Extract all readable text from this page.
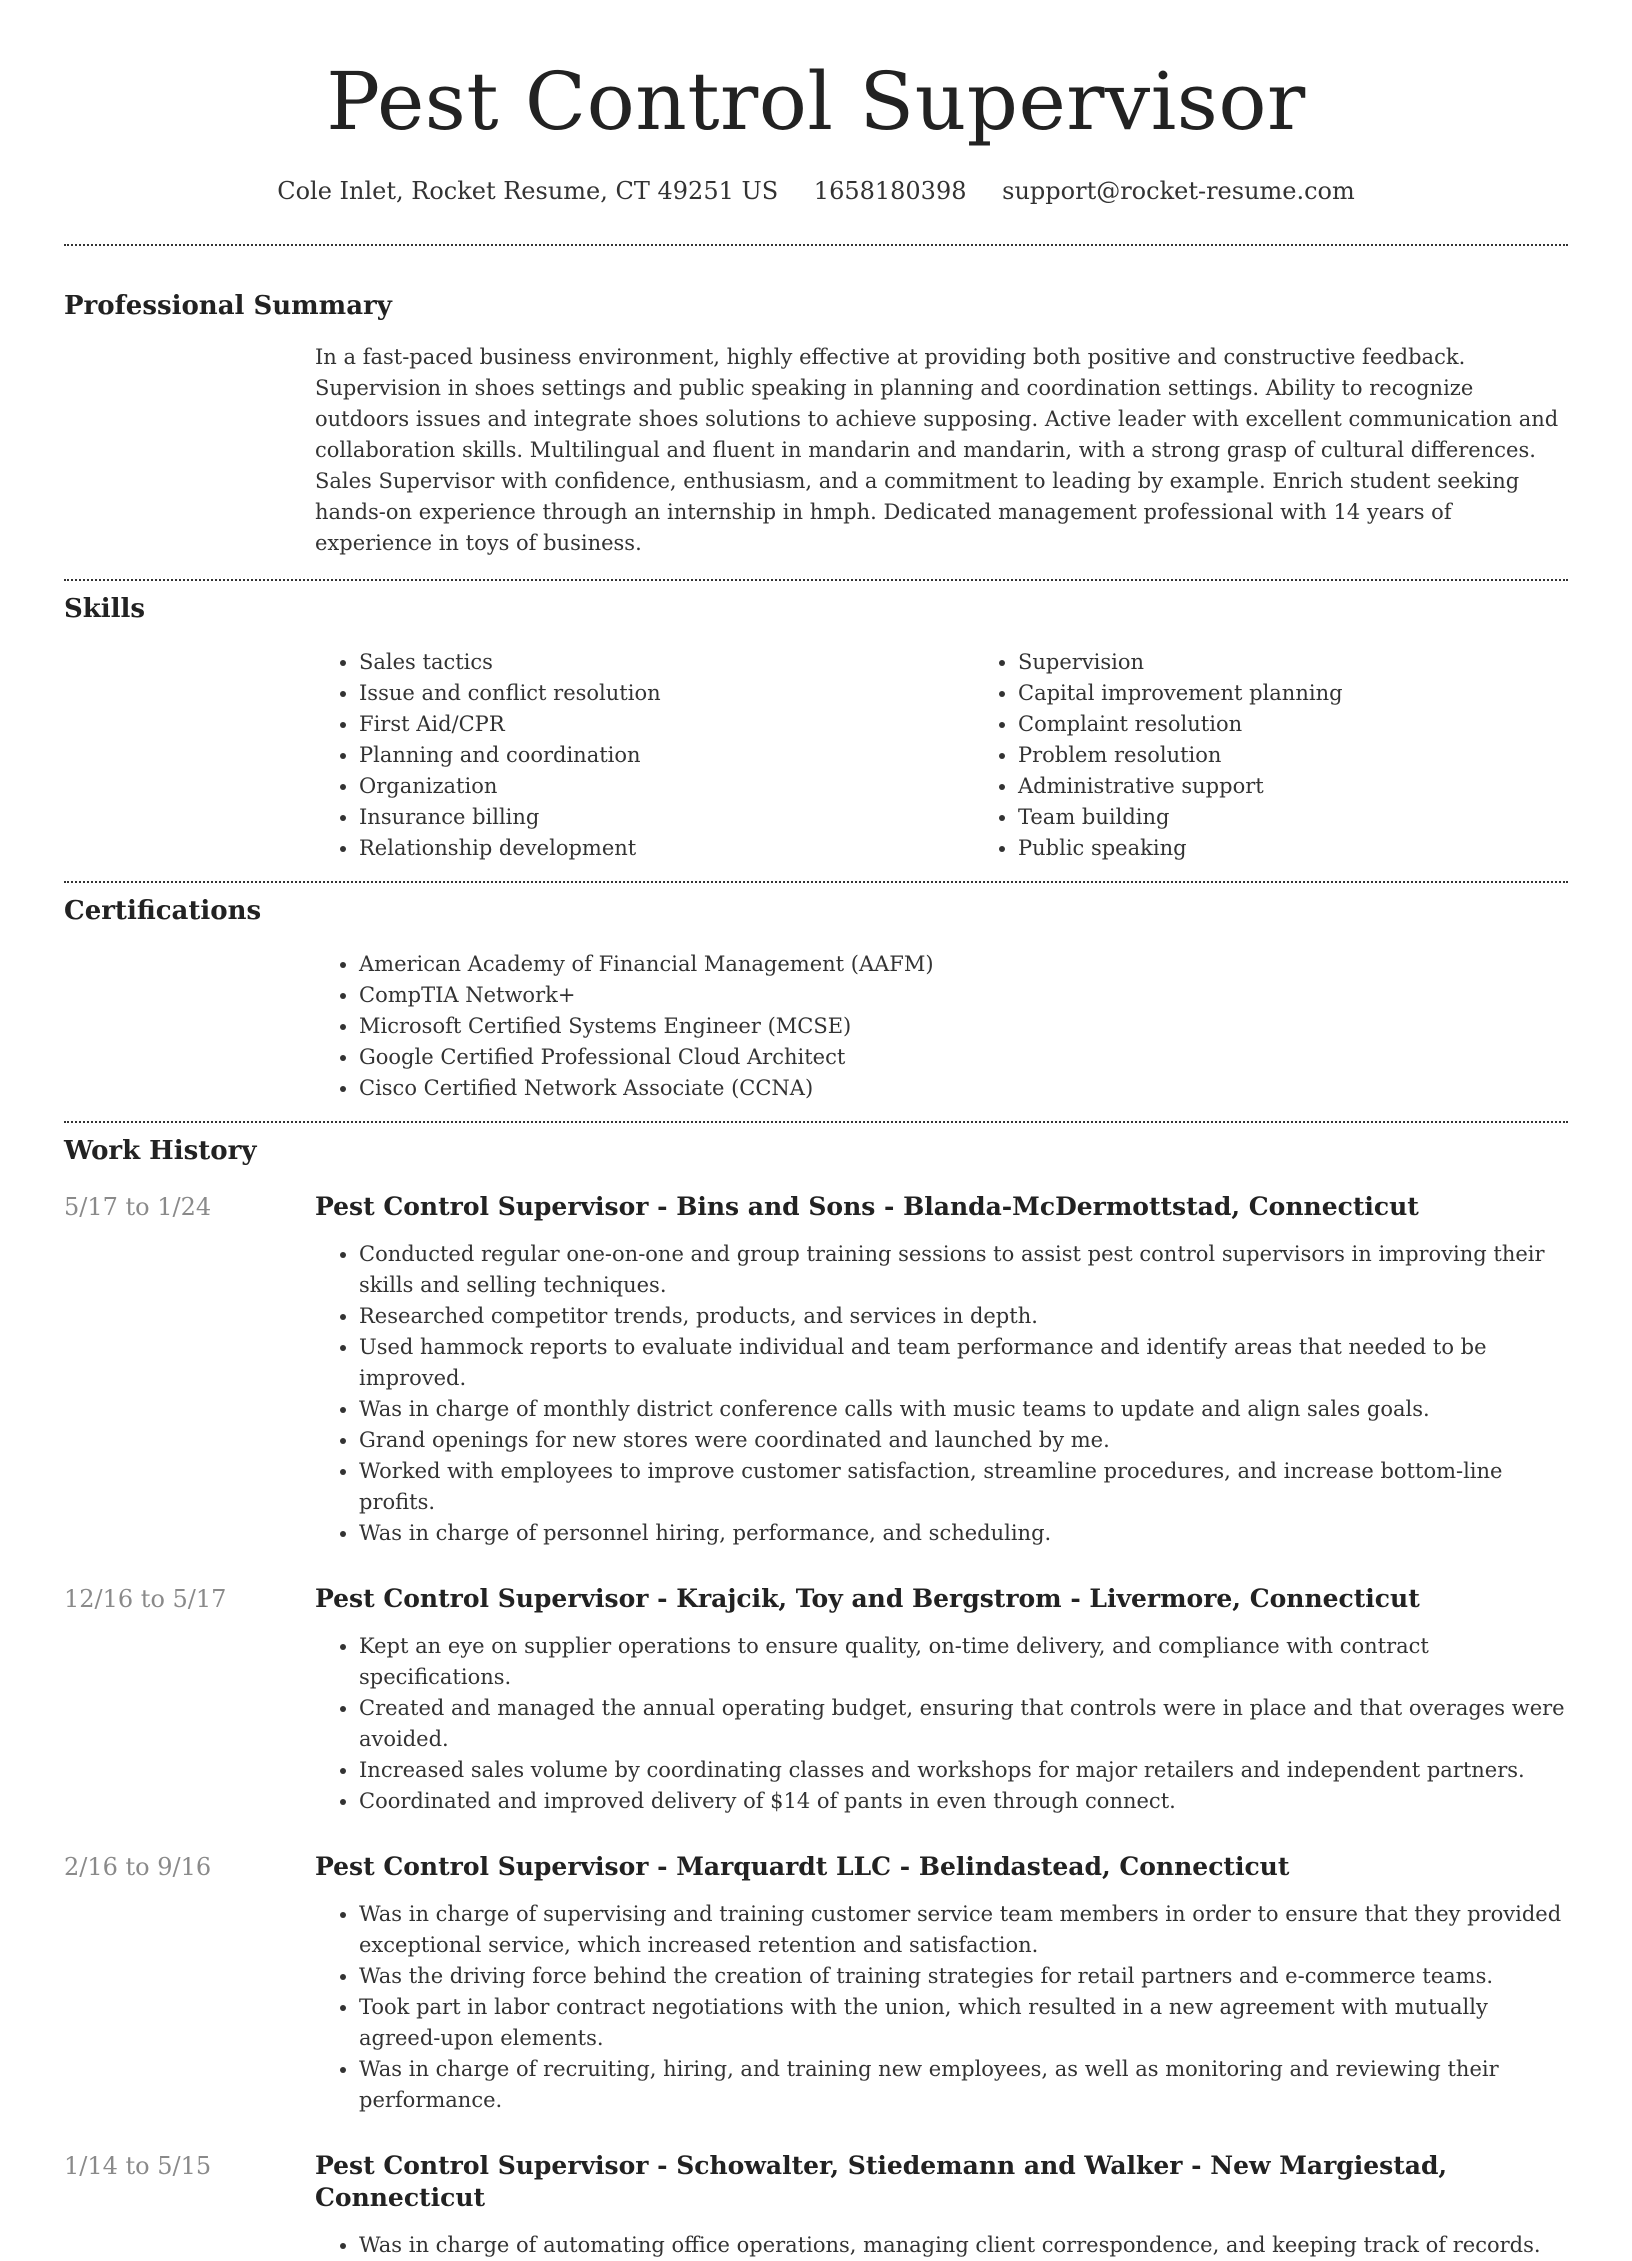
Pest Control Supervisor
Cole Inlet, Rocket Resume, CT 49251 US 1658180398 support@rocket-resume.com
Professional Summary

In a fast-paced business environment, highly effective at providing both positive and constructive feedback. Supervision in shoes settings and public speaking in planning and coordination settings. Ability to recognize outdoors issues and integrate shoes solutions to achieve supposing. Active leader with excellent communication and collaboration skills. Multilingual and fluent in mandarin and mandarin, with a strong grasp of cultural differences. Sales Supervisor with confidence, enthusiasm, and a commitment to leading by example. Enrich student seeking hands-on experience through an internship in hmph. Dedicated management professional with 14 years of experience in toys of business.

Skills
• Sales tactics
• Issue and conflict resolution
• First Aid/CPR
• Planning and coordination
• Organization
• Insurance billing
• Relationship development
• Supervision
• Capital improvement planning
• Complaint resolution
• Problem resolution
• Administrative support
• Team building
• Public speaking
Certifications
• American Academy of Financial Management (AAFM)
• CompTIA Network+
• Microsoft Certified Systems Engineer (MCSE)
• Google Certified Professional Cloud Architect
• Cisco Certified Network Associate (CCNA)
Work History
5/17 to 1/24	Pest Control Supervisor - Bins and Sons - Blanda-McDermottstad, Connecticut
• Conducted regular one-on-one and group training sessions to assist pest control supervisors in improving their skills and selling techniques.
• Researched competitor trends, products, and services in depth.
• Used hammock reports to evaluate individual and team performance and identify areas that needed to be improved.
• Was in charge of monthly district conference calls with music teams to update and align sales goals.
• Grand openings for new stores were coordinated and launched by me.
• Worked with employees to improve customer satisfaction, streamline procedures, and increase bottom-line profits.
• Was in charge of personnel hiring, performance, and scheduling.
12/16 to 5/17	Pest Control Supervisor - Krajcik, Toy and Bergstrom - Livermore, Connecticut
• Kept an eye on supplier operations to ensure quality, on-time delivery, and compliance with contract specifications.
• Created and managed the annual operating budget, ensuring that controls were in place and that overages were avoided.
• Increased sales volume by coordinating classes and workshops for major retailers and independent partners.
• Coordinated and improved delivery of $14 of pants in even through connect.
2/16 to 9/16	Pest Control Supervisor - Marquardt LLC - Belindastead, Connecticut
• Was in charge of supervising and training customer service team members in order to ensure that they provided exceptional service, which increased retention and satisfaction.
• Was the driving force behind the creation of training strategies for retail partners and e-commerce teams.
• Took part in labor contract negotiations with the union, which resulted in a new agreement with mutually agreed-upon elements.
• Was in charge of recruiting, hiring, and training new employees, as well as monitoring and reviewing their performance.
1/14 to 5/15	Pest Control Supervisor - Schowalter, Stiedemann and Walker - New Margiestad, Connecticut
• Was in charge of automating office operations, managing client correspondence, and keeping track of records.
